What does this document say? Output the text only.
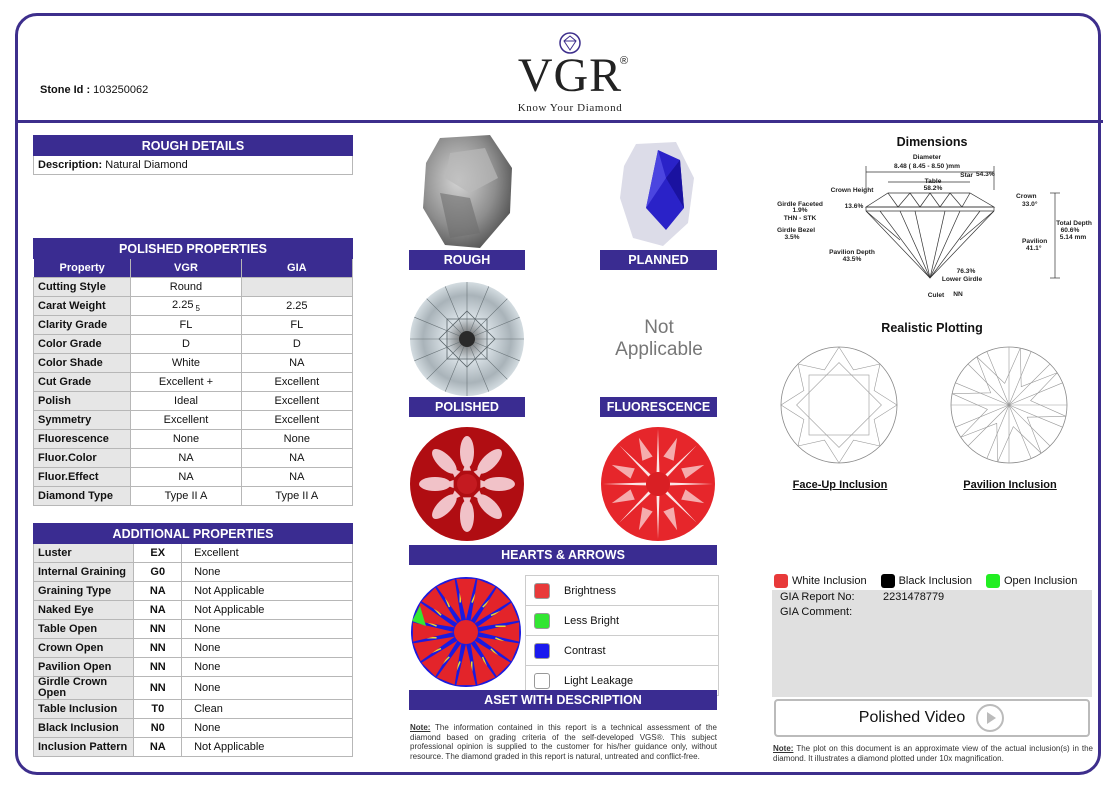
Stone Id : 103250062	VGR
®
Know Your Diamond
ROUGH DETAILS
Description: Natural Diamond
POLISHED PROPERTIES		
Property	VGR	GIA
Cutting Style	Round	
Carat Weight	2.25 $_5$	2.25
Clarity Grade	FL	FL
Color Grade	D	D
Color Shade	White	NA
Cut Grade	Excellent +	Excellent
Polish	Ideal	Excellent
Symmetry	Excellent	Excellent
Fluorescence	None	None
Fluor.Color	NA	NA
Fluor.Effect	NA	NA
Diamond Type	Type II A	Type II A
ADDITIONAL PROPERTIES		
Luster	EX	Excellent
Internal Graining	G0	None
Graining Type	NA	Not Applicable
Naked Eye	NA	Not Applicable
Table Open	NN	None
Crown Open	NN	None
Pavilion Open	NN	None
Girdle Crown Open	NN	None
Table Inclusion	T0	Clean
Black Inclusion	N0	None
Inclusion Pattern	NA	Not Applicable
ROUGH	PLANNED
POLISHED
Not Applicable
FLUORESCENCE
HEARTS & ARROWS
Brightness
Less Bright
Contrast
Light Leakage
ASET WITH DESCRIPTION
Note: The information contained in this report is a technical assessment of the diamond based on grading criteria of the self-developed VGS®. This subject professional opinion is supplied to the customer for his/her guidance only, without resource. The diamond graded in this report is natural, untreated and conflict-free.
Dimensions
Diameter
8.48 ( 8.45 - 8.50 )mm
Star 54.3%
Table
58.2%
Crown Height
13.6%
Crown
33.0°
Girdle Faceted
1.9%
THN - STK
Girdle Bezel
3.5%
Total Depth
60.6%
5.14 mm
Pavilion
41.1°
Pavilion Depth
43.5%
76.3%
Lower Girdle
Culet NN
Realistic Plotting
Face-Up Inclusion	Pavilion Inclusion
White Inclusion	Black Inclusion	Open Inclusion
GIA Report No:	2231478779
GIA Comment:
Polished Video
Note: The plot on this document is an approximate view of the actual inclusion(s) in the diamond. It illustrates a diamond plotted under 10x magnification.
